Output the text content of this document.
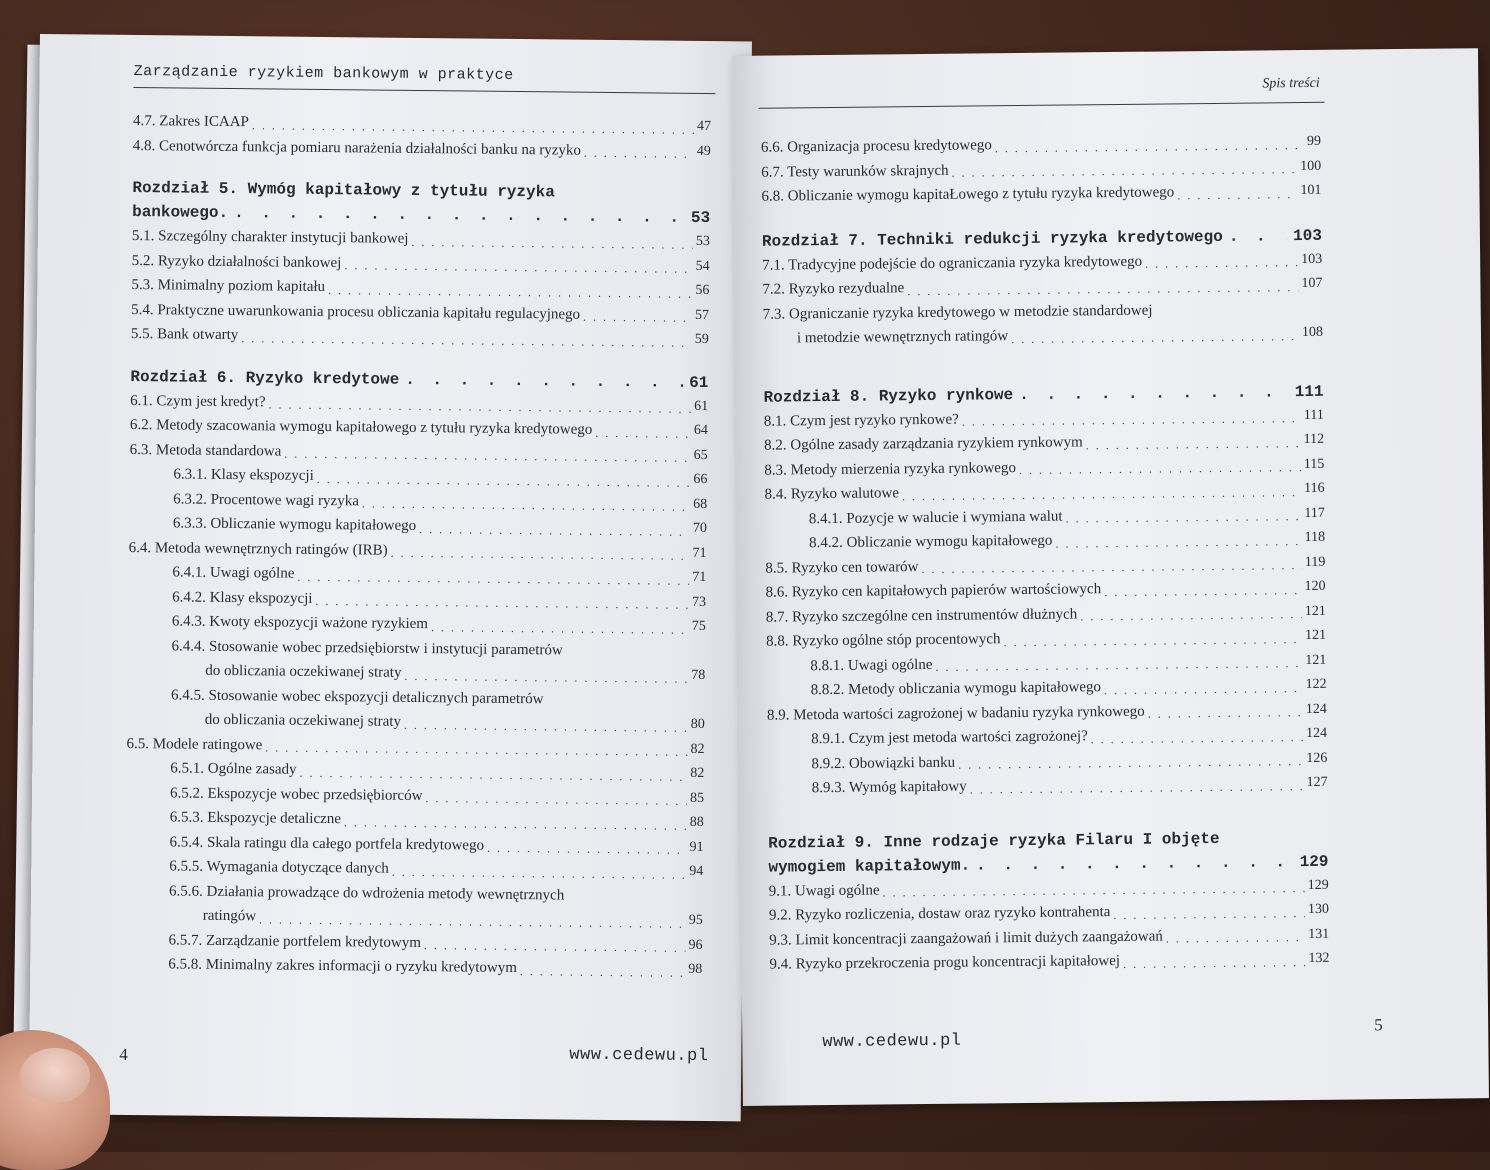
Zarządzanie ryzykiem bankowym w praktyce
4.7. Zakres ICAAP . . .	47
4.8. Cenotwórcza funkcja pomiaru narażenia działalności banku na ryzyko . . .	49
Rozdział 5. Wymóg kapitałowy z tytułu ryzyka
bankowego. . . .	53
5.1. Szczególny charakter instytucji bankowej . . .	53
5.2. Ryzyko działalności bankowej . . .	54
5.3. Minimalny poziom kapitału . . .	56
5.4. Praktyczne uwarunkowania procesu obliczania kapitału regulacyjnego . . .	57
5.5. Bank otwarty . . .	59
Rozdział 6. Ryzyko kredytowe . . .	61
6.1. Czym jest kredyt? . . .	61
6.2. Metody szacowania wymogu kapitałowego z tytułu ryzyka kredytowego . . .	64
6.3. Metoda standardowa . . .	65
6.3.1. Klasy ekspozycji . . .	66
6.3.2. Procentowe wagi ryzyka . . .	68
6.3.3. Obliczanie wymogu kapitałowego . . .	70
6.4. Metoda wewnętrznych ratingów (IRB) . . .	71
6.4.1. Uwagi ogólne . . .	71
6.4.2. Klasy ekspozycji . . .	73
6.4.3. Kwoty ekspozycji ważone ryzykiem . . .	75
6.4.4. Stosowanie wobec przedsiębiorstw i instytucji parametrów
do obliczania oczekiwanej straty . . .	78
6.4.5. Stosowanie wobec ekspozycji detalicznych parametrów
do obliczania oczekiwanej straty . . .	80
6.5. Modele ratingowe . . .	82
6.5.1. Ogólne zasady . . .	82
6.5.2. Ekspozycje wobec przedsiębiorców . . .	85
6.5.3. Ekspozycje detaliczne . . .	88
6.5.4. Skala ratingu dla całego portfela kredytowego . . .	91
6.5.5. Wymagania dotyczące danych . . .	94
6.5.6. Działania prowadzące do wdrożenia metody wewnętrznych
ratingów . . .	95
6.5.7. Zarządzanie portfelem kredytowym . . .	96
6.5.8. Minimalny zakres informacji o ryzyku kredytowym . . .	98
4	www.cedewu.pl
Spis treści
6.6. Organizacja procesu kredytowego . . .	99
6.7. Testy warunków skrajnych . . .	100
6.8. Obliczanie wymogu kapitaŁowego z tytułu ryzyka kredytowego . . .	101
Rozdział 7. Techniki redukcji ryzyka kredytowego . . .	103
7.1. Tradycyjne podejście do ograniczania ryzyka kredytowego . . .	103
7.2. Ryzyko rezydualne . . .	107
7.3. Ograniczanie ryzyka kredytowego w metodzie standardowej
i metodzie wewnętrznych ratingów . . .	108
Rozdział 8. Ryzyko rynkowe . . .	111
8.1. Czym jest ryzyko rynkowe? . . .	111
8.2. Ogólne zasady zarządzania ryzykiem rynkowym . . .	112
8.3. Metody mierzenia ryzyka rynkowego . . .	115
8.4. Ryzyko walutowe . . .	116
8.4.1. Pozycje w walucie i wymiana walut . . .	117
8.4.2. Obliczanie wymogu kapitałowego . . .	118
8.5. Ryzyko cen towarów . . .	119
8.6. Ryzyko cen kapitałowych papierów wartościowych . . .	120
8.7. Ryzyko szczególne cen instrumentów dłużnych . . .	121
8.8. Ryzyko ogólne stóp procentowych . . .	121
8.8.1. Uwagi ogólne . . .	121
8.8.2. Metody obliczania wymogu kapitałowego . . .	122
8.9. Metoda wartości zagrożonej w badaniu ryzyka rynkowego . . .	124
8.9.1. Czym jest metoda wartości zagrożonej? . . .	124
8.9.2. Obowiązki banku . . .	126
8.9.3. Wymóg kapitałowy . . .	127
Rozdział 9. Inne rodzaje ryzyka Filaru I objęte
wymogiem kapitałowym. . . .	129
9.1. Uwagi ogólne . . .	129
9.2. Ryzyko rozliczenia, dostaw oraz ryzyko kontrahenta . . .	130
9.3. Limit koncentracji zaangażowań i limit dużych zaangażowań . . .	131
9.4. Ryzyko przekroczenia progu koncentracji kapitałowej . . .	132
www.cedewu.pl
5
